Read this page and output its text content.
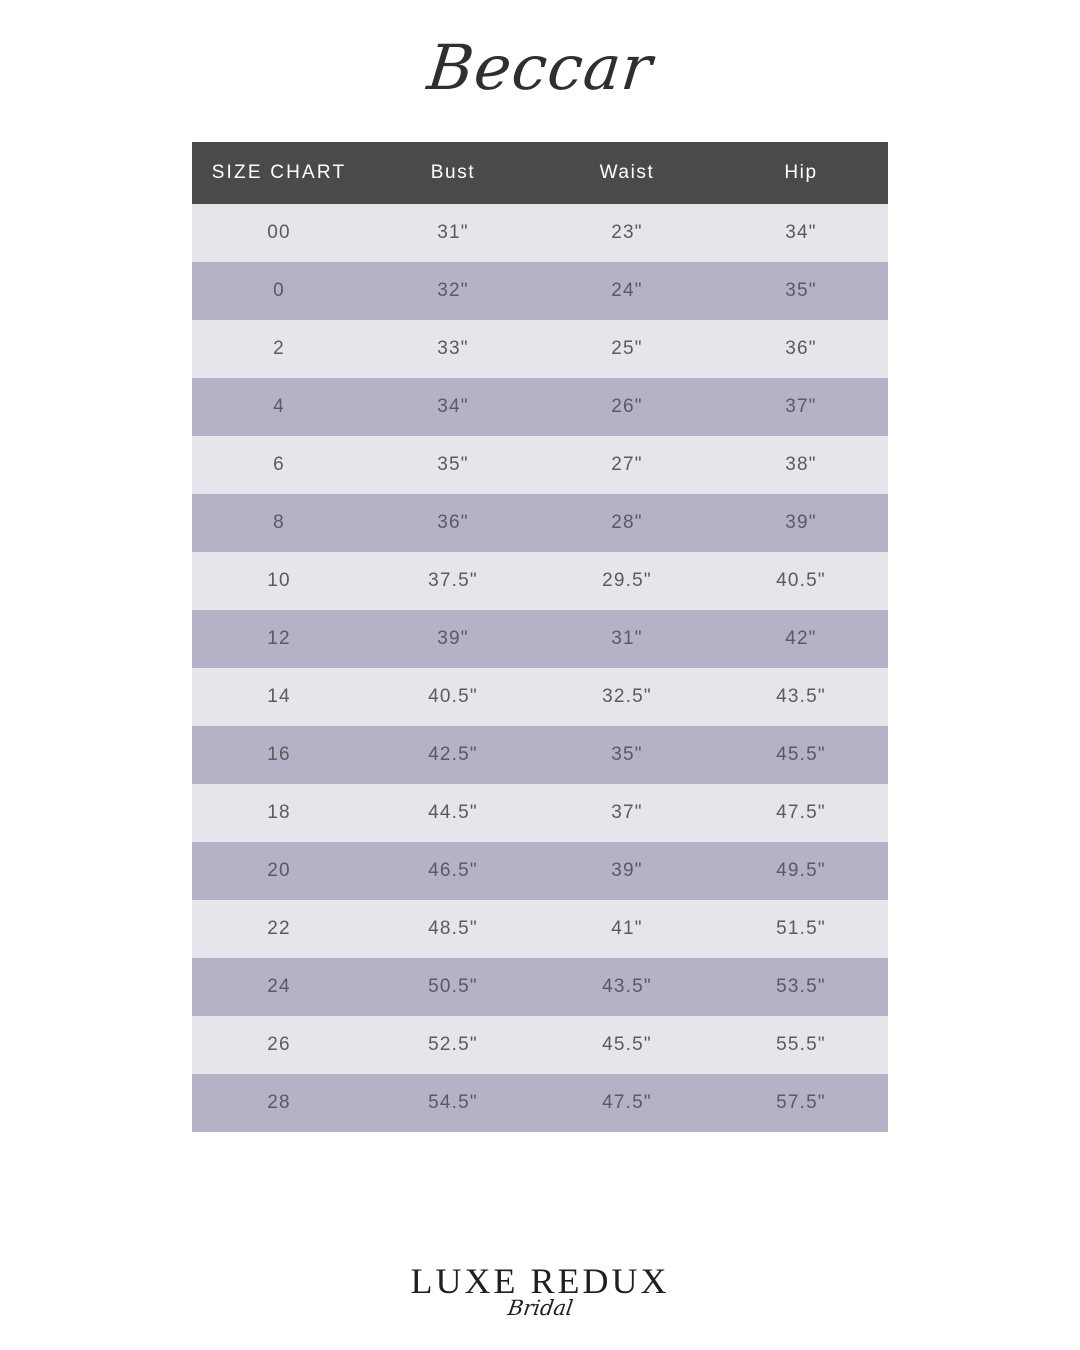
Beccar
SIZE CHART	Bust	Waist	Hip
00	31"	23"	34"
0	32"	24"	35"
2	33"	25"	36"
4	34"	26"	37"
6	35"	27"	38"
8	36"	28"	39"
10	37.5"	29.5"	40.5"
12	39"	31"	42"
14	40.5"	32.5"	43.5"
16	42.5"	35"	45.5"
18	44.5"	37"	47.5"
20	46.5"	39"	49.5"
22	48.5"	41"	51.5"
24	50.5"	43.5"	53.5"
26	52.5"	45.5"	55.5"
28	54.5"	47.5"	57.5"
LUXE REDUX
Bridal
